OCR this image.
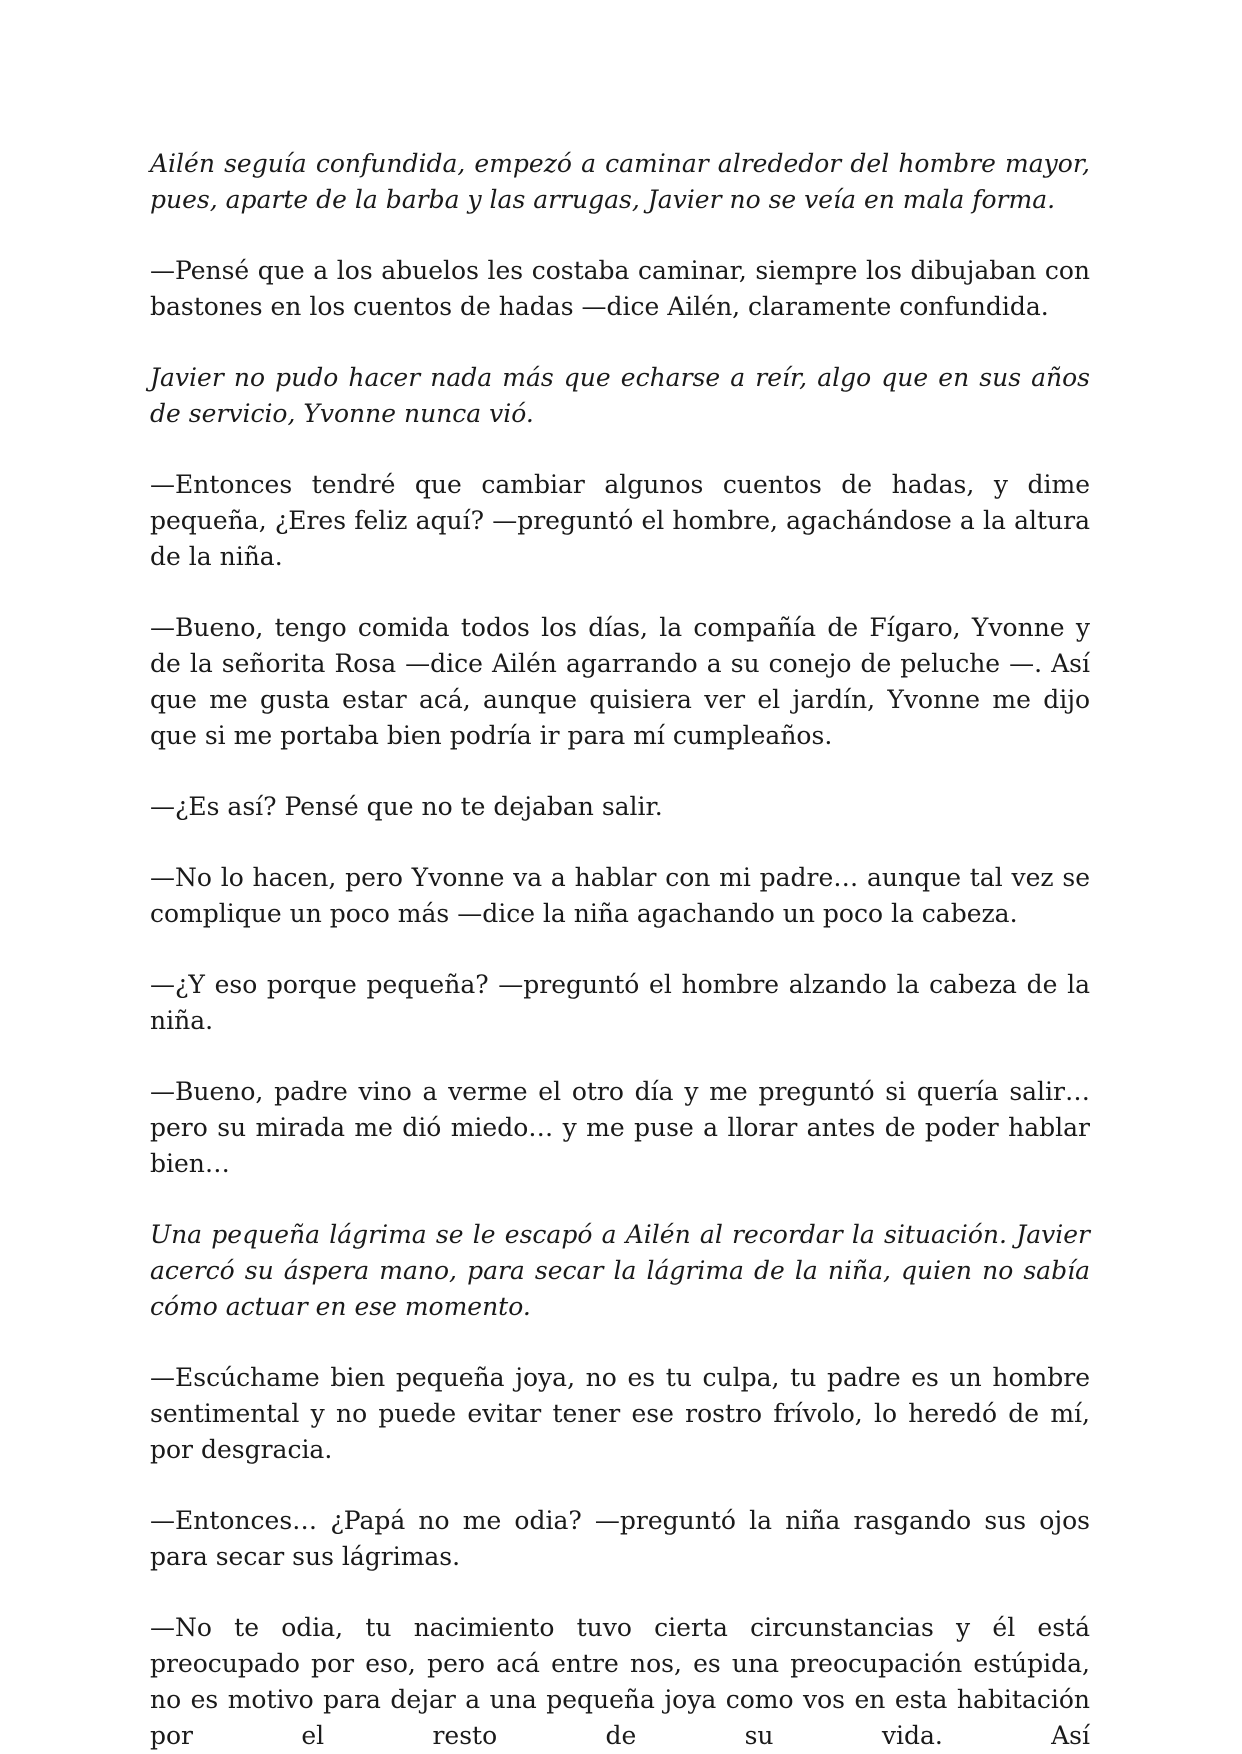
Ailén seguía confundida, empezó a caminar alrededor del hombre mayor, pues, aparte de la barba y las arrugas, Javier no se veía en mala forma.

—Pensé que a los abuelos les costaba caminar, siempre los dibujaban con bastones en los cuentos de hadas —dice Ailén, claramente confundida.

Javier no pudo hacer nada más que echarse a reír, algo que en sus años de servicio, Yvonne nunca vió.

—Entonces tendré que cambiar algunos cuentos de hadas, y dime pequeña, ¿Eres feliz aquí? —preguntó el hombre, agachándose a la altura de la niña.

—Bueno, tengo comida todos los días, la compañía de Fígaro, Yvonne y de la señorita Rosa —dice Ailén agarrando a su conejo de peluche —. Así que me gusta estar acá, aunque quisiera ver el jardín, Yvonne me dijo que si me portaba bien podría ir para mí cumpleaños.

—¿Es así? Pensé que no te dejaban salir.

—No lo hacen, pero Yvonne va a hablar con mi padre… aunque tal vez se complique un poco más —dice la niña agachando un poco la cabeza.

—¿Y eso porque pequeña? —preguntó el hombre alzando la cabeza de la niña.

—Bueno, padre vino a verme el otro día y me preguntó si quería salir… pero su mirada me dió miedo… y me puse a llorar antes de poder hablar bien…

Una pequeña lágrima se le escapó a Ailén al recordar la situación. Javier acercó su áspera mano, para secar la lágrima de la niña, quien no sabía cómo actuar en ese momento.

—Escúchame bien pequeña joya, no es tu culpa, tu padre es un hombre sentimental y no puede evitar tener ese rostro frívolo, lo heredó de mí, por desgracia.

—Entonces… ¿Papá no me odia? —preguntó la niña rasgando sus ojos para secar sus lágrimas.

—No te odia, tu nacimiento tuvo cierta circunstancias y él está preocupado por eso, pero acá entre nos, es una preocupación estúpida, no es motivo para dejar a una pequeña joya como vos en esta habitación por el resto de su vida. Así
